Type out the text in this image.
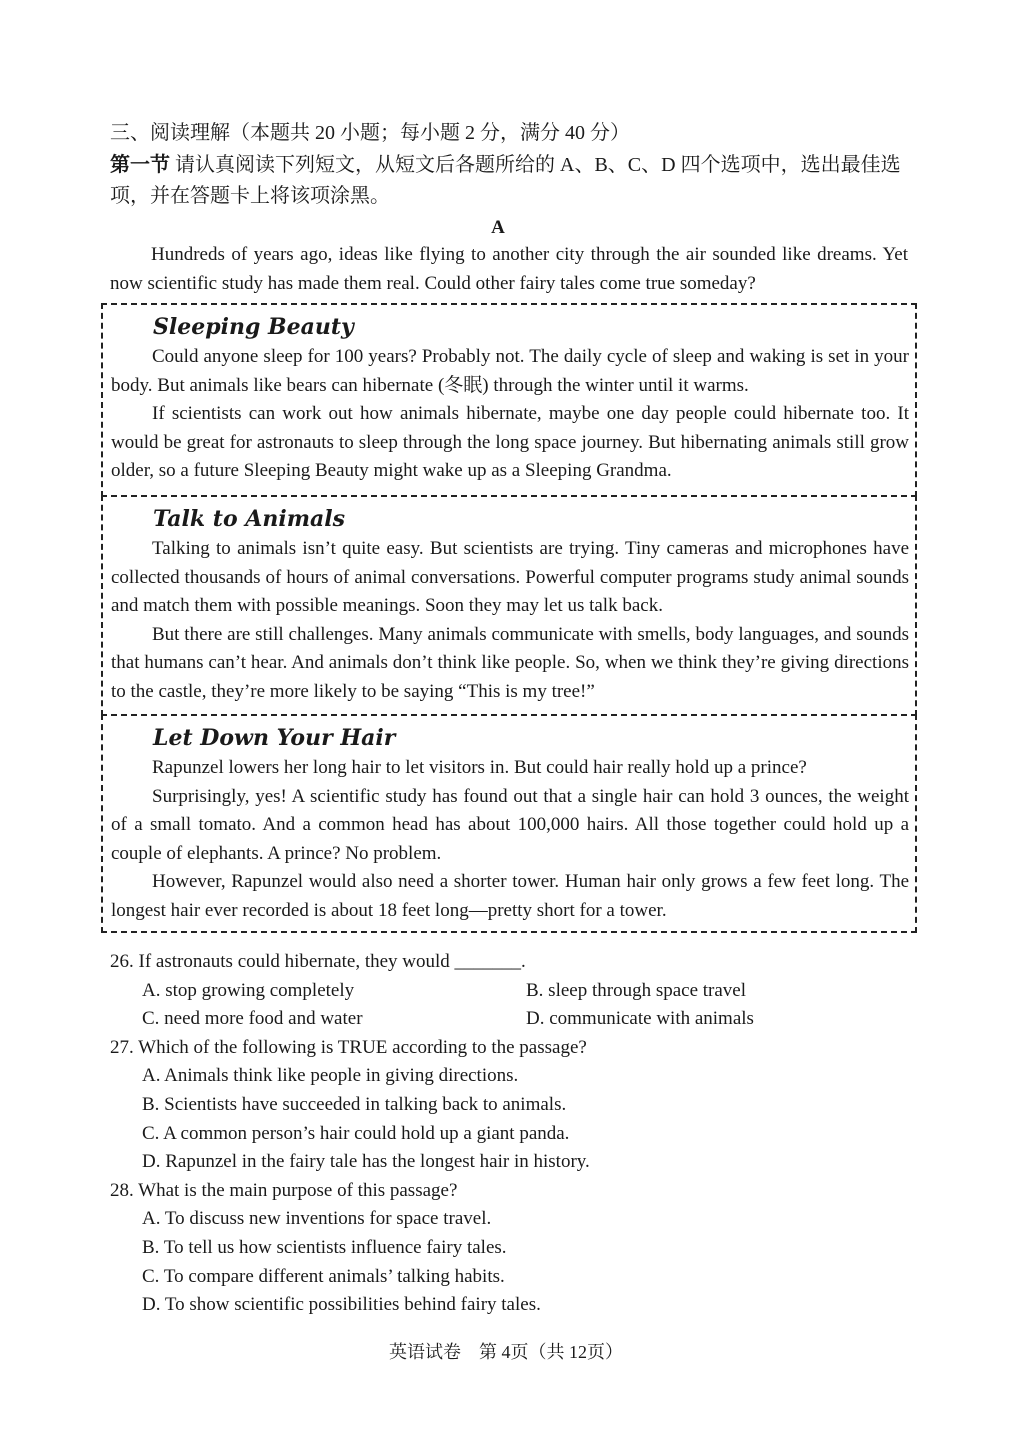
三、阅读理解（本题共 20 小题；每小题 2 分，满分 40 分）
第一节 请认真阅读下列短文，从短文后各题所给的 A、B、C、D 四个选项中，选出最佳选项，并在答题卡上将该项涂黑。
A

Hundreds of years ago, ideas like flying to another city through the air sounded like dreams. Yet now scientific study has made them real. Could other fairy tales come true someday?

Sleeping Beauty

Could anyone sleep for 100 years? Probably not. The daily cycle of sleep and waking is set in your body. But animals like bears can hibernate (冬眠) through the winter until it warms.

If scientists can work out how animals hibernate, maybe one day people could hibernate too. It would be great for astronauts to sleep through the long space journey. But hibernating animals still grow older, so a future Sleeping Beauty might wake up as a Sleeping Grandma.

Talk to Animals

Talking to animals isn’t quite easy. But scientists are trying. Tiny cameras and microphones have collected thousands of hours of animal conversations. Powerful computer programs study animal sounds and match them with possible meanings. Soon they may let us talk back.

But there are still challenges. Many animals communicate with smells, body languages, and sounds that humans can’t hear. And animals don’t think like people. So, when we think they’re giving directions to the castle, they’re more likely to be saying “This is my tree!”

Let Down Your Hair

Rapunzel lowers her long hair to let visitors in. But could hair really hold up a prince?

Surprisingly, yes! A scientific study has found out that a single hair can hold 3 ounces, the weight of a small tomato. And a common head has about 100,000 hairs. All those together could hold up a couple of elephants. A prince? No problem.

However, Rapunzel would also need a shorter tower. Human hair only grows a few feet long. The longest hair ever recorded is about 18 feet long—pretty short for a tower.

26. If astronauts could hibernate, they would _______.
A. stop growing completely	B. sleep through space travel
C. need more food and water	D. communicate with animals
27. Which of the following is TRUE according to the passage?
A. Animals think like people in giving directions.
B. Scientists have succeeded in talking back to animals.
C. A common person’s hair could hold up a giant panda.
D. Rapunzel in the fairy tale has the longest hair in history.
28. What is the main purpose of this passage?
A. To discuss new inventions for space travel.
B. To tell us how scientists influence fairy tales.
C. To compare different animals’ talking habits.
D. To show scientific possibilities behind fairy tales.
英语试卷　第 4页（共 12页）
